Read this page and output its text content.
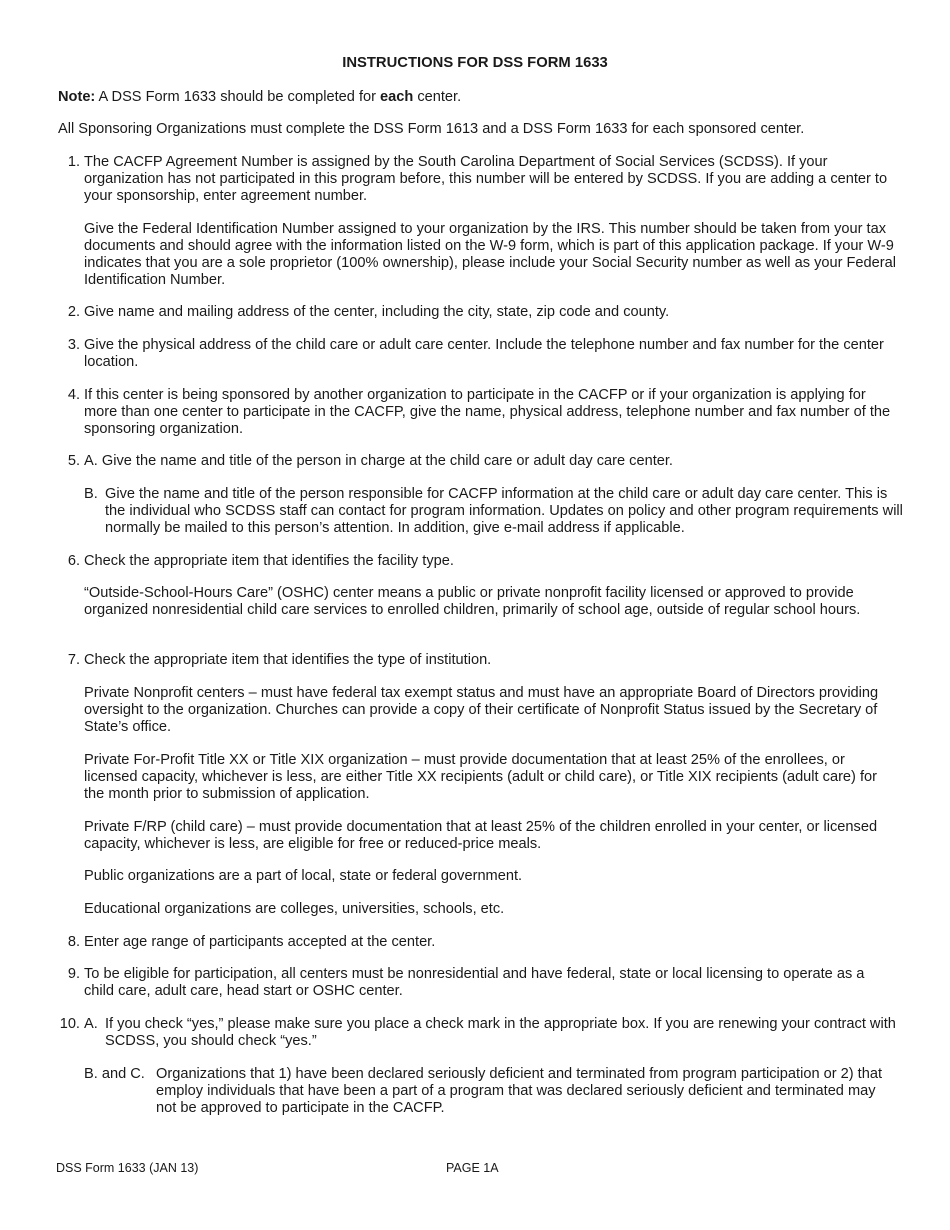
INSTRUCTIONS FOR DSS FORM 1633
Note: A DSS Form 1633 should be completed for each center.
All Sponsoring Organizations must complete the DSS Form 1613 and a DSS Form 1633 for each sponsored center.
1. The CACFP Agreement Number is assigned by the South Carolina Department of Social Services (SCDSS). If your organization has not participated in this program before, this number will be entered by SCDSS. If you are adding a center to your sponsorship, enter agreement number.
Give the Federal Identification Number assigned to your organization by the IRS. This number should be taken from your tax documents and should agree with the information listed on the W-9 form, which is part of this application package. If your W-9 indicates that you are a sole proprietor (100% ownership), please include your Social Security number as well as your Federal Identification Number.
2. Give name and mailing address of the center, including the city, state, zip code and county.
3. Give the physical address of the child care or adult care center. Include the telephone number and fax number for the center location.
4. If this center is being sponsored by another organization to participate in the CACFP or if your organization is applying for more than one center to participate in the CACFP, give the name, physical address, telephone number and fax number of the sponsoring organization.
5. A. Give the name and title of the person in charge at the child care or adult day care center.
B. Give the name and title of the person responsible for CACFP information at the child care or adult day care center. This is the individual who SCDSS staff can contact for program information. Updates on policy and other program requirements will normally be mailed to this person’s attention. In addition, give e-mail address if applicable.
6. Check the appropriate item that identifies the facility type.
“Outside-School-Hours Care” (OSHC) center means a public or private nonprofit facility licensed or approved to provide organized nonresidential child care services to enrolled children, primarily of school age, outside of regular school hours.
7. Check the appropriate item that identifies the type of institution.
Private Nonprofit centers – must have federal tax exempt status and must have an appropriate Board of Directors providing oversight to the organization. Churches can provide a copy of their certificate of Nonprofit Status issued by the Secretary of State’s office.
Private For-Profit Title XX or Title XIX organization – must provide documentation that at least 25% of the enrollees, or licensed capacity, whichever is less, are either Title XX recipients (adult or child care), or Title XIX recipients (adult care) for the month prior to submission of application.
Private F/RP (child care) – must provide documentation that at least 25% of the children enrolled in your center, or licensed capacity, whichever is less, are eligible for free or reduced-price meals.
Public organizations are a part of local, state or federal government.
Educational organizations are colleges, universities, schools, etc.
8. Enter age range of participants accepted at the center.
9. To be eligible for participation, all centers must be nonresidential and have federal, state or local licensing to operate as a child care, adult care, head start or OSHC center.
10. A. If you check “yes,” please make sure you place a check mark in the appropriate box. If you are renewing your contract with SCDSS, you should check “yes.”
B. and C. Organizations that 1) have been declared seriously deficient and terminated from program participation or 2) that employ individuals that have been a part of a program that was declared seriously deficient and terminated may not be approved to participate in the CACFP.
DSS Form 1633 (JAN 13)	PAGE 1A
